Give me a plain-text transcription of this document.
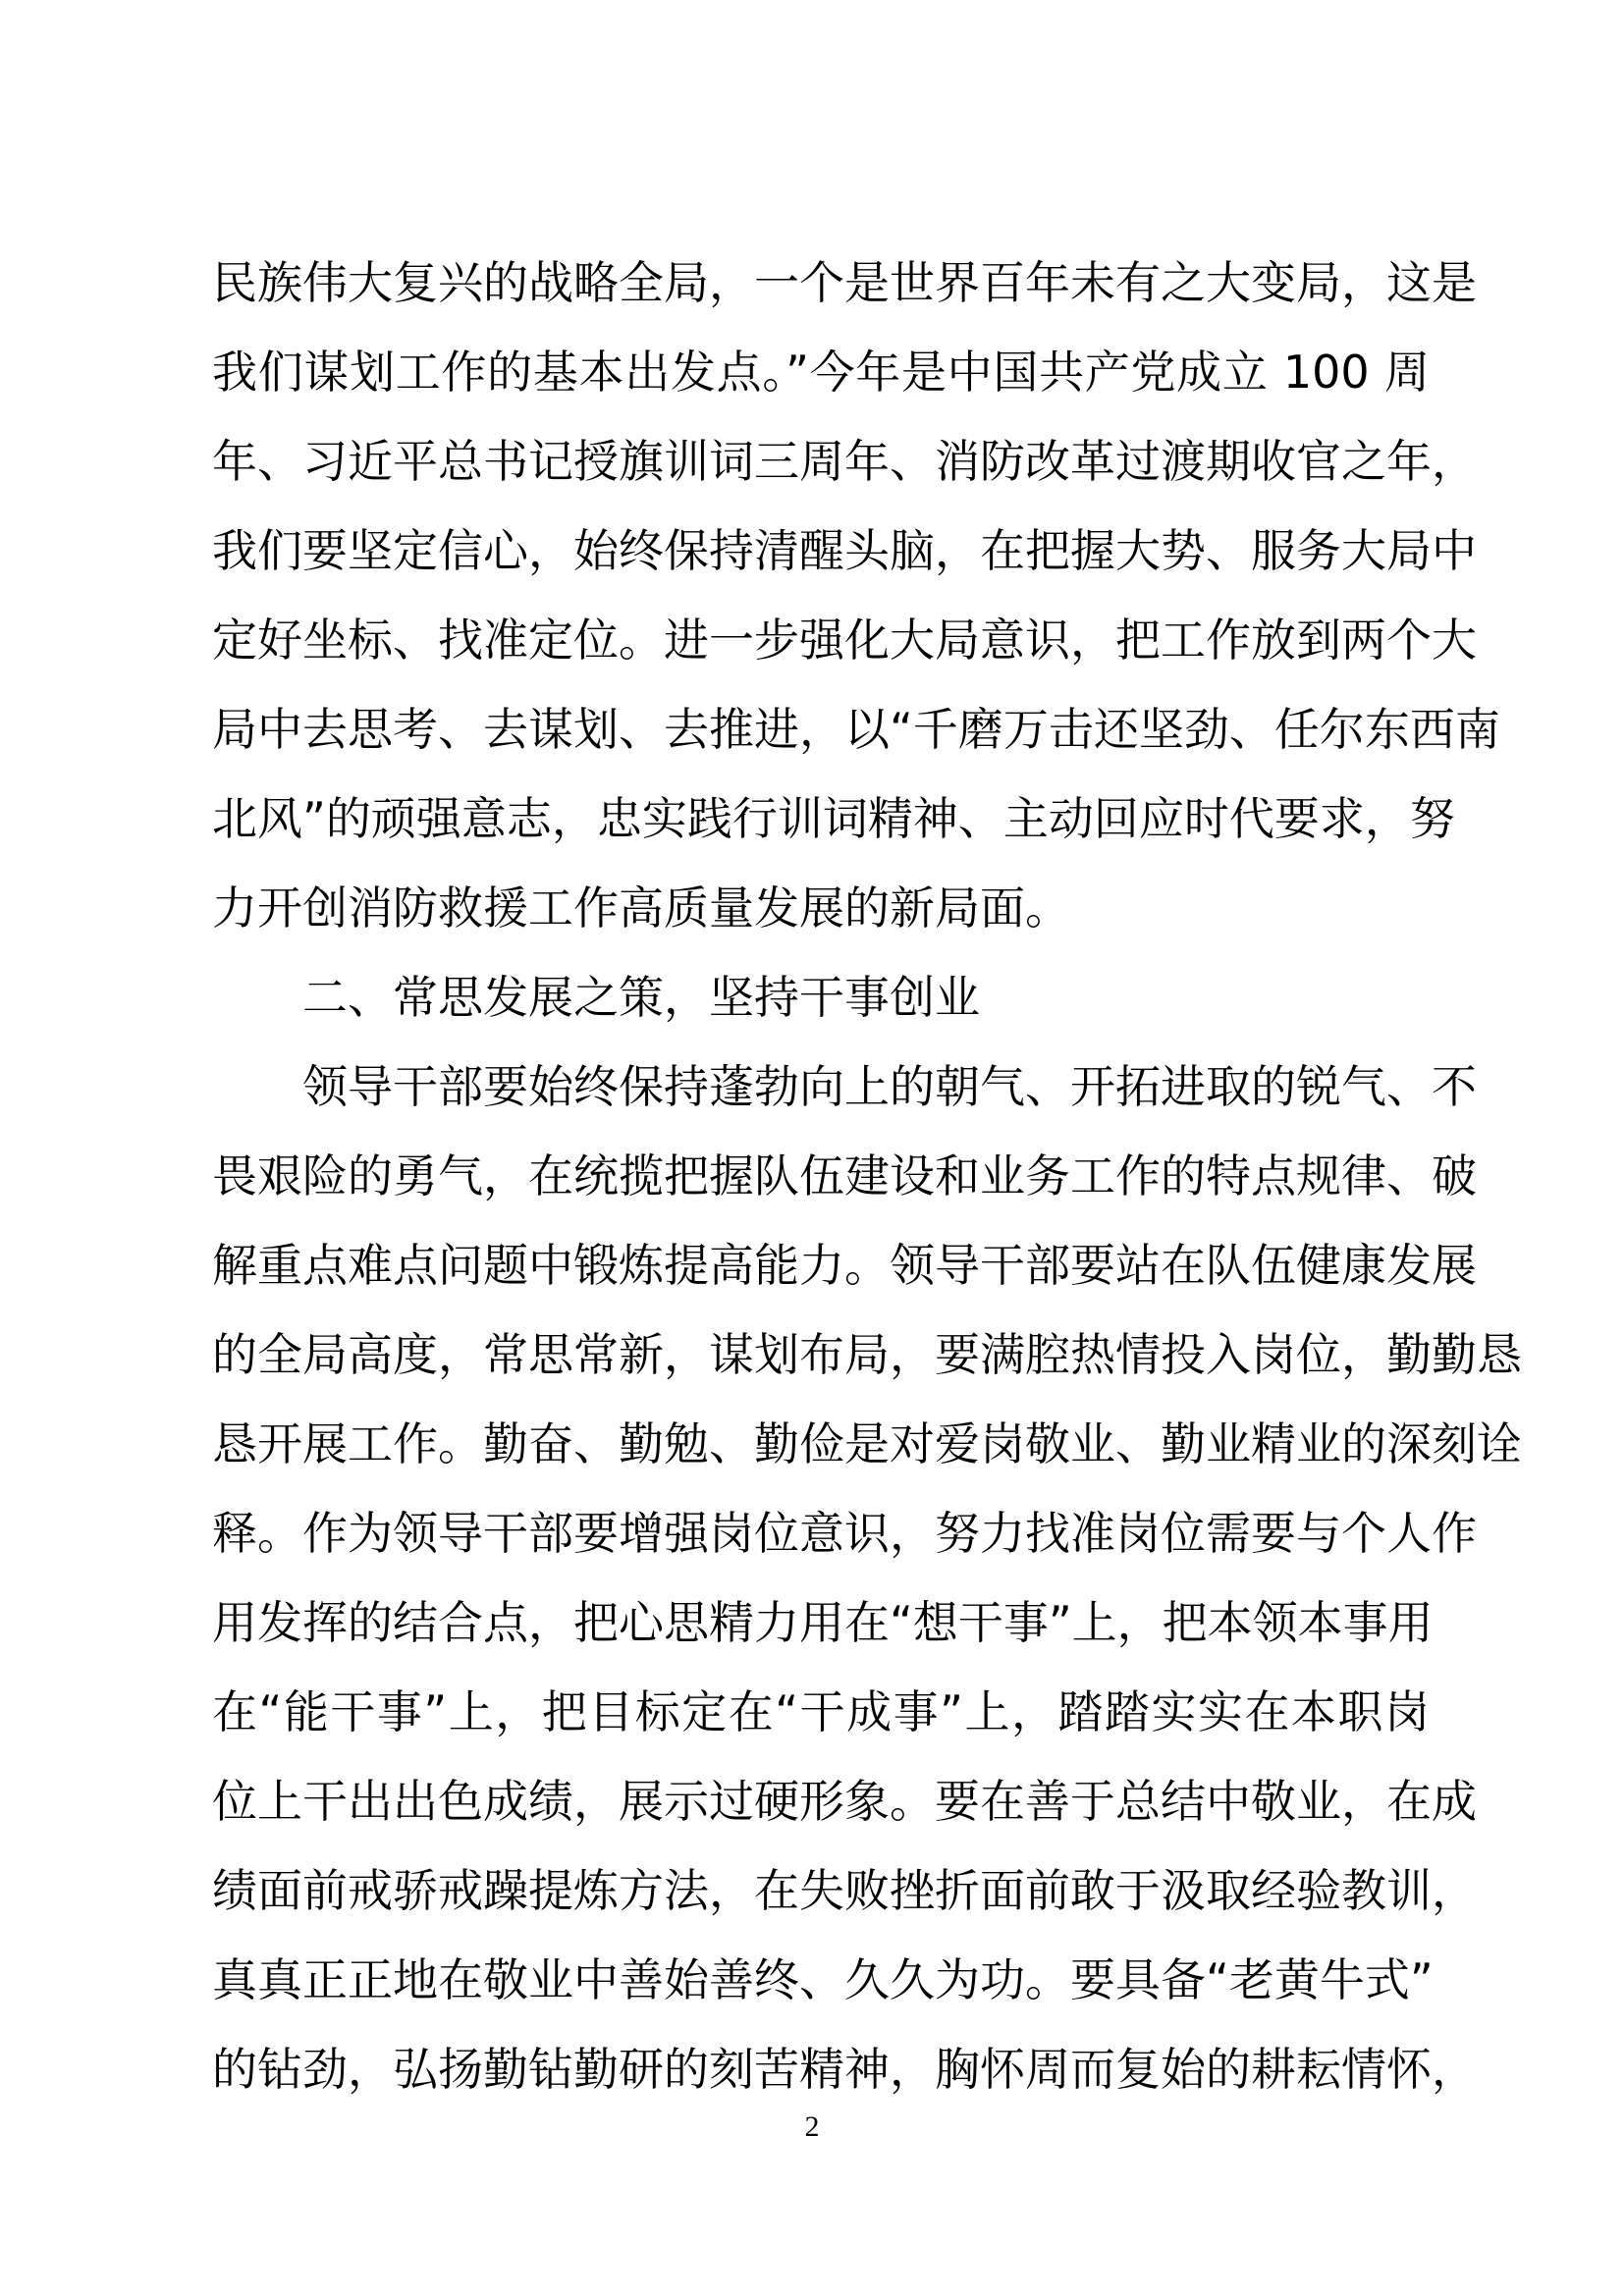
民族伟大复兴的战略全局，一个是世界百年未有之大变局，这是
我们谋划工作的基本出发点。”今年是中国共产党成立 100 周
年、习近平总书记授旗训词三周年、消防改革过渡期收官之年，
我们要坚定信心，始终保持清醒头脑，在把握大势、服务大局中
定好坐标、找准定位。进一步强化大局意识，把工作放到两个大
局中去思考、去谋划、去推进，以“千磨万击还坚劲、任尔东西南
北风”的顽强意志，忠实践行训词精神、主动回应时代要求，努
力开创消防救援工作高质量发展的新局面。
二、常思发展之策，坚持干事创业
领导干部要始终保持蓬勃向上的朝气、开拓进取的锐气、不
畏艰险的勇气，在统揽把握队伍建设和业务工作的特点规律、破
解重点难点问题中锻炼提高能力。领导干部要站在队伍健康发展
的全局高度，常思常新，谋划布局，要满腔热情投入岗位，勤勤恳
恳开展工作。勤奋、勤勉、勤俭是对爱岗敬业、勤业精业的深刻诠
释。作为领导干部要增强岗位意识，努力找准岗位需要与个人作
用发挥的结合点，把心思精力用在“想干事”上，把本领本事用
在“能干事”上，把目标定在“干成事”上，踏踏实实在本职岗
位上干出出色成绩，展示过硬形象。要在善于总结中敬业，在成
绩面前戒骄戒躁提炼方法，在失败挫折面前敢于汲取经验教训，
真真正正地在敬业中善始善终、久久为功。要具备“老黄牛式”
的钻劲，弘扬勤钻勤研的刻苦精神，胸怀周而复始的耕耘情怀，
2
